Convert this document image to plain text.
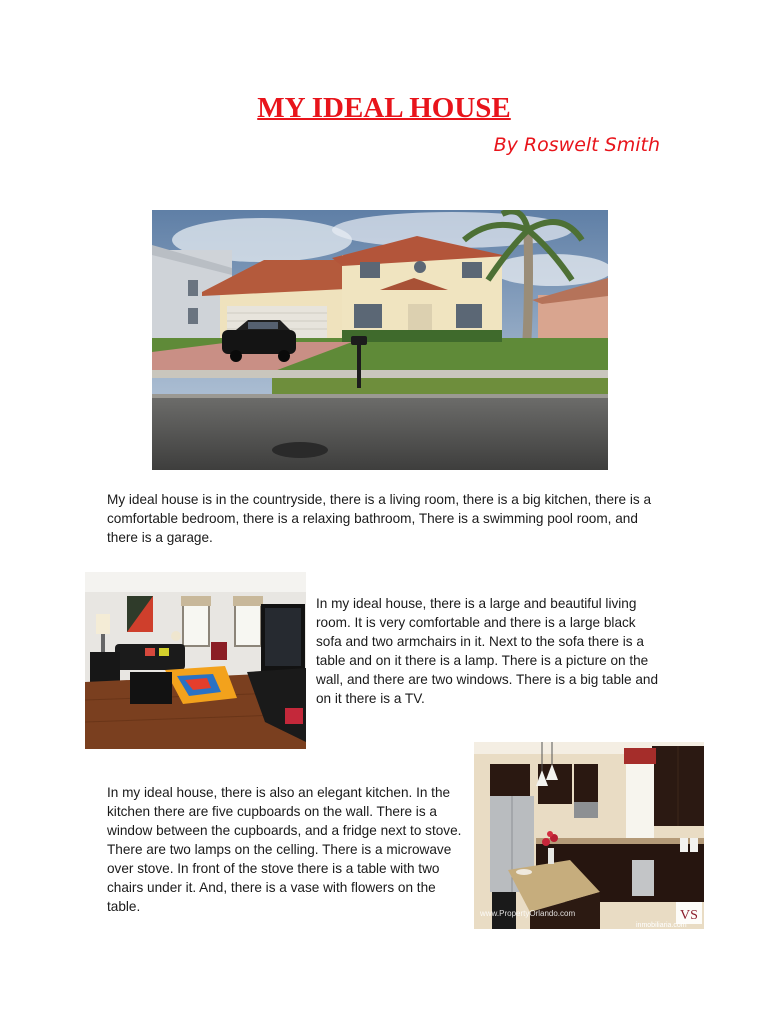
MY IDEAL HOUSE
By Roswelt Smith

My ideal house is in the countryside, there is a living room, there is a big kitchen, there is a comfortable bedroom, there is a relaxing bathroom, There is a swimming pool room, and there is a garage.

In my ideal house, there is a large and beautiful living room. It is very comfortable and there is a large black sofa and two armchairs in it. Next to the sofa there is a table and on it there is a lamp. There is a picture on the wall, and there are two windows. There is a big table and on it there is a TV.

In my ideal house, there is also an elegant kitchen. In the kitchen there are five cupboards on the wall. There is a window between the cupboards, and a fridge next to stove. There are two lamps on the celling. There is a microwave over stove. In front of the stove there is a table with two chairs under it. And, there is a vase with flowers on the table.	www.PropertyOrlando.com	VS
inmobiliaria.com
